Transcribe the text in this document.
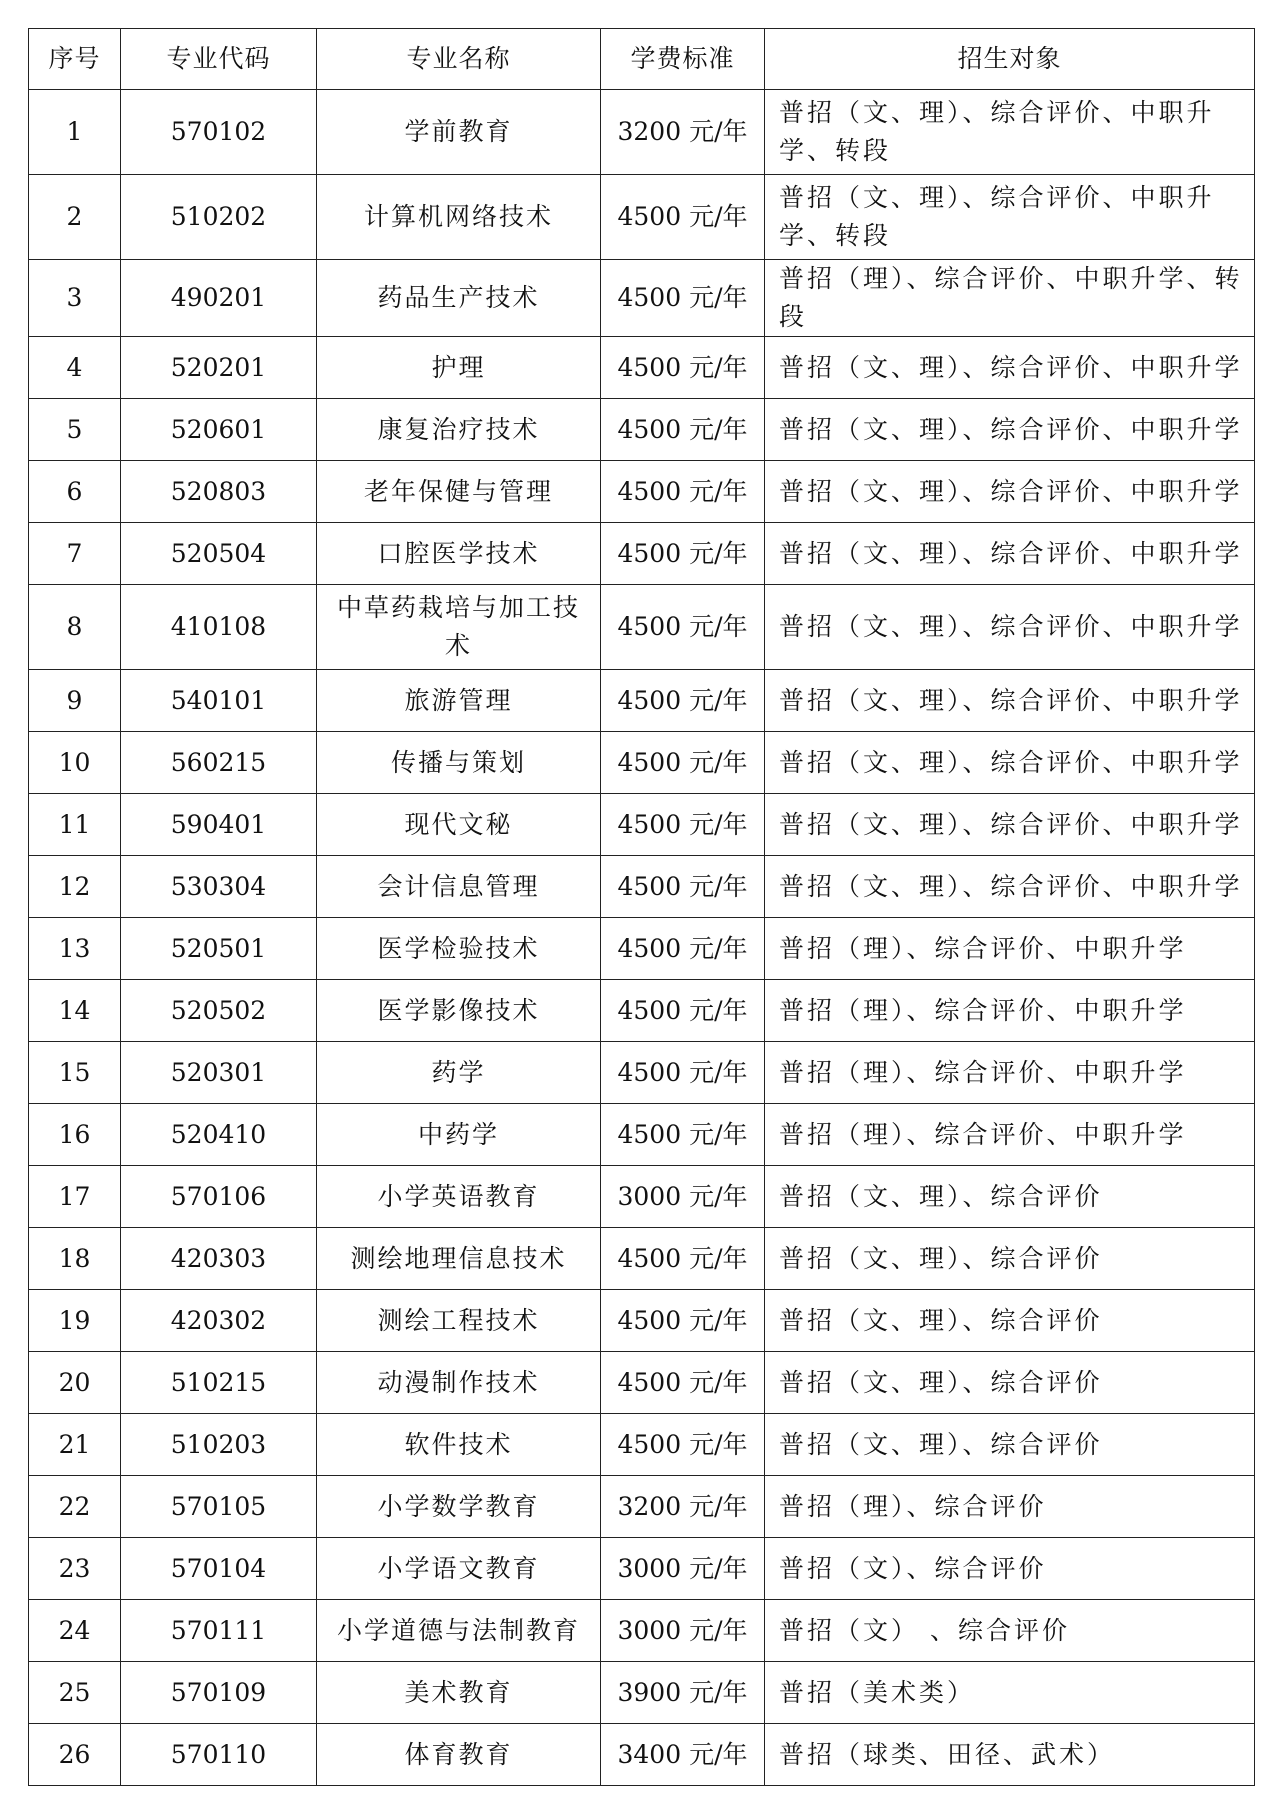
序号	专业代码	专业名称	学费标准	招生对象
1	570102	学前教育	3200 元/年	普招（文、理）、综合评价、中职升学、转段
2	510202	计算机网络技术	4500 元/年	普招（文、理）、综合评价、中职升学、转段
3	490201	药品生产技术	4500 元/年	普招（理）、综合评价、中职升学、转段
4	520201	护理	4500 元/年	普招（文、理）、综合评价、中职升学
5	520601	康复治疗技术	4500 元/年	普招（文、理）、综合评价、中职升学
6	520803	老年保健与管理	4500 元/年	普招（文、理）、综合评价、中职升学
7	520504	口腔医学技术	4500 元/年	普招（文、理）、综合评价、中职升学
8	410108	中草药栽培与加工技术	4500 元/年	普招（文、理）、综合评价、中职升学
9	540101	旅游管理	4500 元/年	普招（文、理）、综合评价、中职升学
10	560215	传播与策划	4500 元/年	普招（文、理）、综合评价、中职升学
11	590401	现代文秘	4500 元/年	普招（文、理）、综合评价、中职升学
12	530304	会计信息管理	4500 元/年	普招（文、理）、综合评价、中职升学
13	520501	医学检验技术	4500 元/年	普招（理）、综合评价、中职升学
14	520502	医学影像技术	4500 元/年	普招（理）、综合评价、中职升学
15	520301	药学	4500 元/年	普招（理）、综合评价、中职升学
16	520410	中药学	4500 元/年	普招（理）、综合评价、中职升学
17	570106	小学英语教育	3000 元/年	普招（文、理）、综合评价
18	420303	测绘地理信息技术	4500 元/年	普招（文、理）、综合评价
19	420302	测绘工程技术	4500 元/年	普招（文、理）、综合评价
20	510215	动漫制作技术	4500 元/年	普招（文、理）、综合评价
21	510203	软件技术	4500 元/年	普招（文、理）、综合评价
22	570105	小学数学教育	3200 元/年	普招（理）、综合评价
23	570104	小学语文教育	3000 元/年	普招（文）、综合评价
24	570111	小学道德与法制教育	3000 元/年	普招（文） 、综合评价
25	570109	美术教育	3900 元/年	普招（美术类）
26	570110	体育教育	3400 元/年	普招（球类、田径、武术）
